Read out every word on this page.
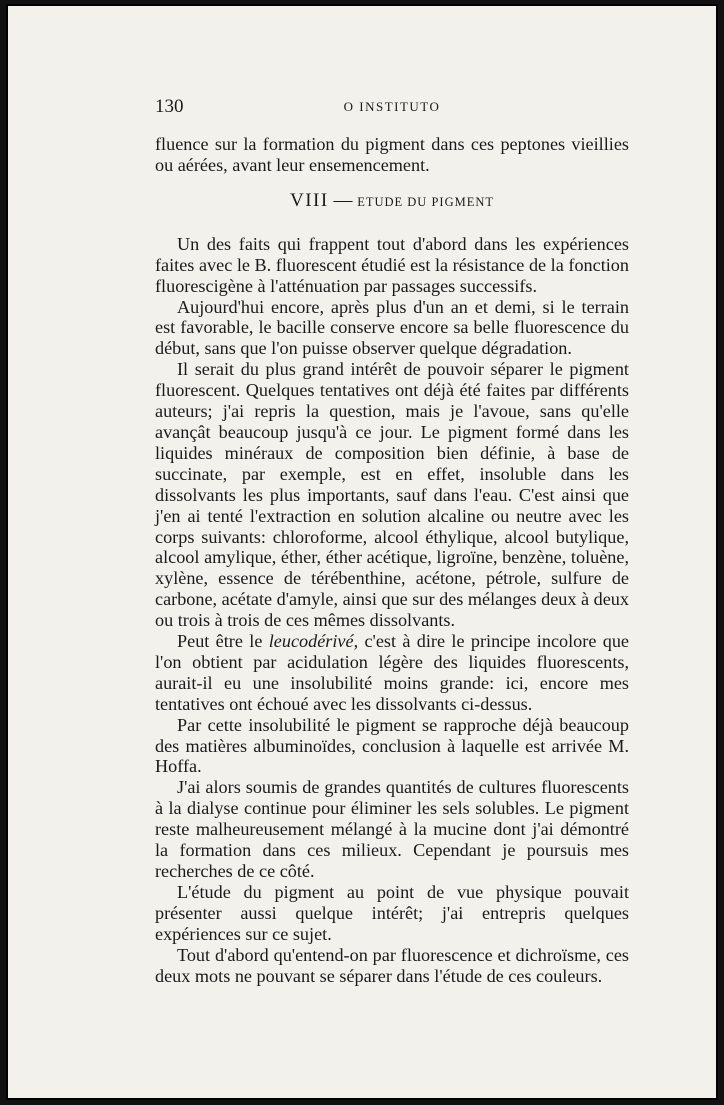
130	O INSTITUTO

fluence sur la formation du pigment dans ces peptones vieillies ou aérées, avant leur ensemencement.

VIII — ETUDE DU PIGMENT

Un des faits qui frappent tout d'abord dans les expériences faites avec le B. fluorescent étudié est la résistance de la fonction fluorescigène à l'atténuation par passages successifs.

Aujourd'hui encore, après plus d'un an et demi, si le terrain est favorable, le bacille conserve encore sa belle fluorescence du début, sans que l'on puisse observer quelque dégradation.

Il serait du plus grand intérêt de pouvoir séparer le pigment fluorescent. Quelques tentatives ont déjà été faites par différents auteurs; j'ai repris la question, mais je l'avoue, sans qu'elle avançât beaucoup jusqu'à ce jour. Le pigment formé dans les liquides minéraux de composition bien définie, à base de succinate, par exemple, est en effet, insoluble dans les dissolvants les plus importants, sauf dans l'eau. C'est ainsi que j'en ai tenté l'extraction en solution alcaline ou neutre avec les corps suivants: chloroforme, alcool éthylique, alcool butylique, alcool amylique, éther, éther acétique, ligroïne, benzène, toluène, xylène, essence de térébenthine, acétone, pétrole, sulfure de carbone, acétate d'amyle, ainsi que sur des mélanges deux à deux ou trois à trois de ces mêmes dissolvants.

Peut être le leucodérivé, c'est à dire le principe incolore que l'on obtient par acidulation légère des liquides fluorescents, aurait-il eu une insolubilité moins grande: ici, encore mes tentatives ont échoué avec les dissolvants ci-dessus.

Par cette insolubilité le pigment se rapproche déjà beaucoup des matières albuminoïdes, conclusion à laquelle est arrivée M. Hoffa.

J'ai alors soumis de grandes quantités de cultures fluorescents à la dialyse continue pour éliminer les sels solubles. Le pigment reste malheureusement mélangé à la mucine dont j'ai démontré la formation dans ces milieux. Cependant je poursuis mes recherches de ce côté.

L'étude du pigment au point de vue physique pouvait présenter aussi quelque intérêt; j'ai entrepris quelques expériences sur ce sujet.

Tout d'abord qu'entend-on par fluorescence et dichroïsme, ces deux mots ne pouvant se séparer dans l'étude de ces couleurs.
